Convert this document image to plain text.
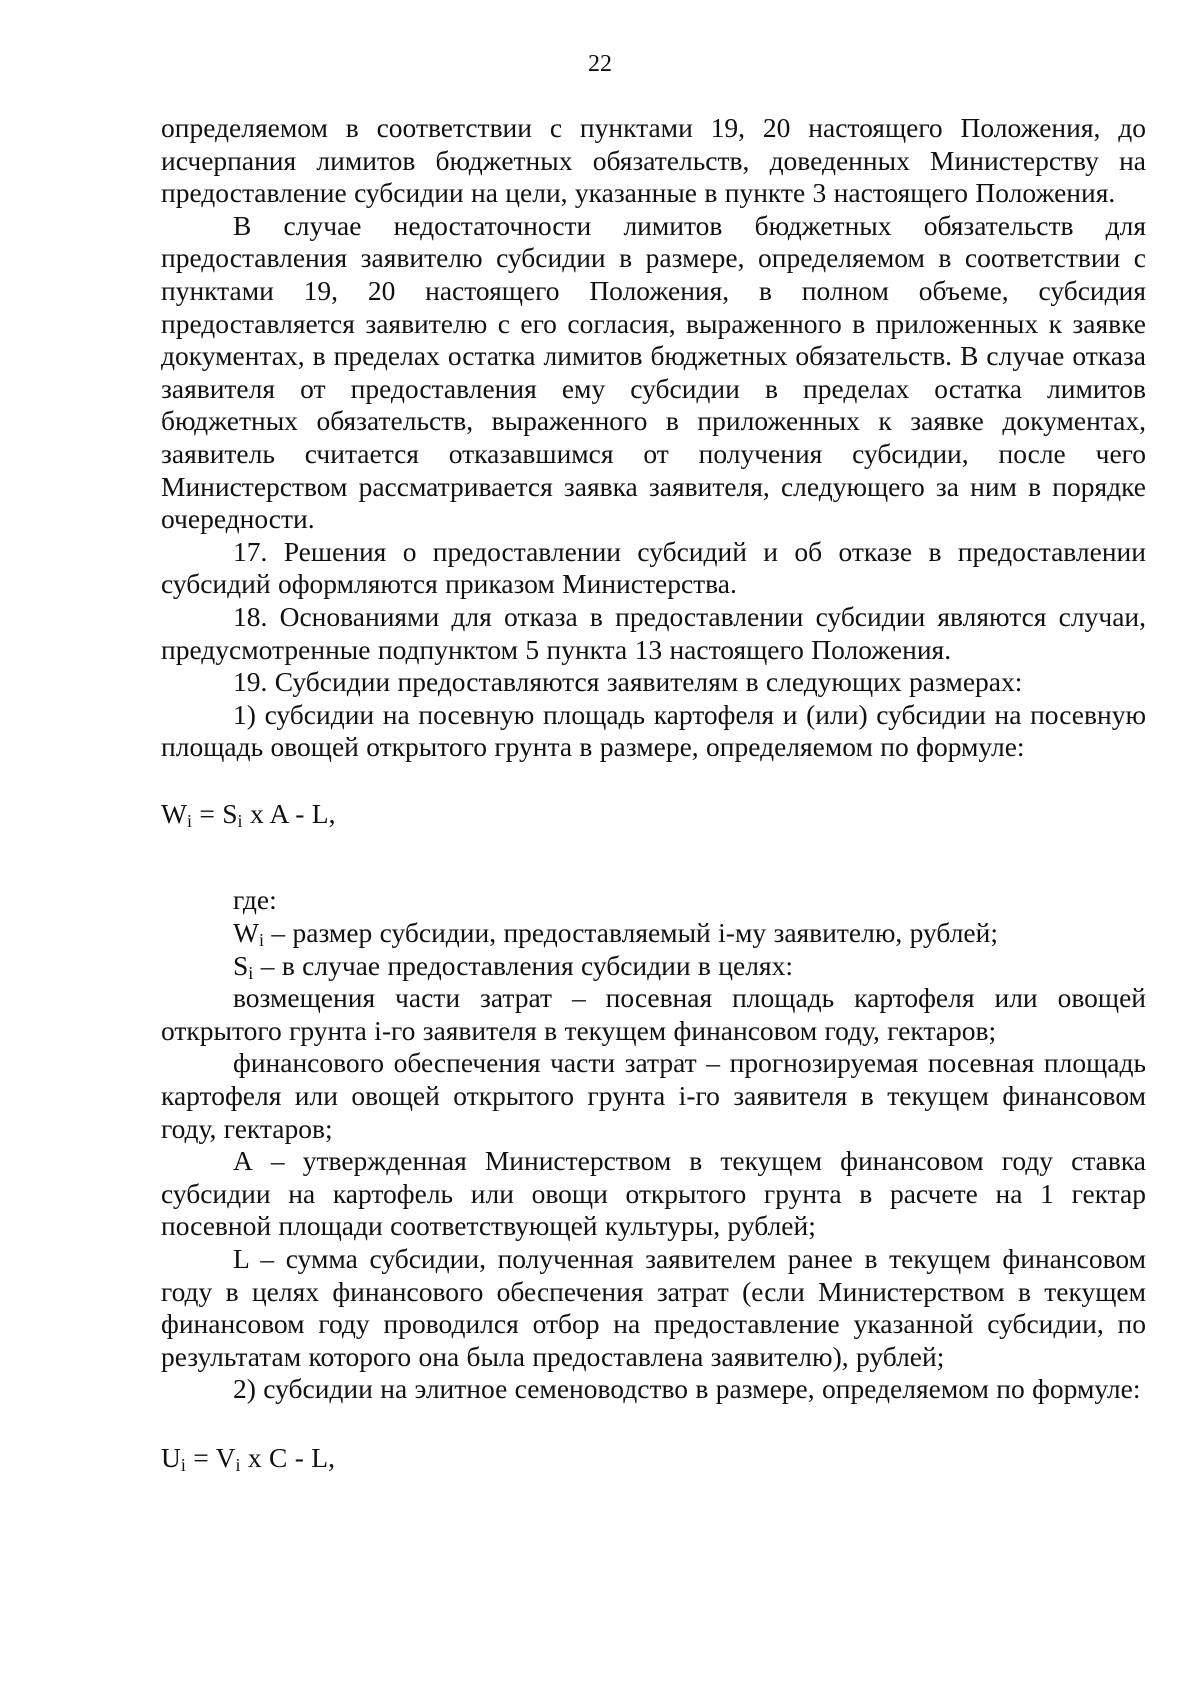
22

определяемом в соответствии с пунктами 19, 20 настоящего Положения, до исчерпания лимитов бюджетных обязательств, доведенных Министерству на предоставление субсидии на цели, указанные в пункте 3 настоящего Положения.

В случае недостаточности лимитов бюджетных обязательств для предоставления заявителю субсидии в размере, определяемом в соответствии с пунктами 19, 20 настоящего Положения, в полном объеме, субсидия предоставляется заявителю с его согласия, выраженного в приложенных к заявке документах, в пределах остатка лимитов бюджетных обязательств. В случае отказа заявителя от предоставления ему субсидии в пределах остатка лимитов бюджетных обязательств, выраженного в приложенных к заявке документах, заявитель считается отказавшимся от получения субсидии, после чего Министерством рассматривается заявка заявителя, следующего за ним в порядке очередности.

17. Решения о предоставлении субсидий и об отказе в предоставлении субсидий оформляются приказом Министерства.

18. Основаниями для отказа в предоставлении субсидии являются случаи, предусмотренные подпунктом 5 пункта 13 настоящего Положения.

19. Субсидии предоставляются заявителям в следующих размерах:

1) субсидии на посевную площадь картофеля и (или) субсидии на посевную площадь овощей открытого грунта в размере, определяемом по формуле:

$W_i = S_i$ x A - L,

где:

$W_i$ – размер субсидии, предоставляемый i-му заявителю, рублей;

$S_i$ – в случае предоставления субсидии в целях:

возмещения части затрат – посевная площадь картофеля или овощей открытого грунта i-го заявителя в текущем финансовом году, гектаров;

финансового обеспечения части затрат – прогнозируемая посевная площадь картофеля или овощей открытого грунта i-го заявителя в текущем финансовом году, гектаров;

А – утвержденная Министерством в текущем финансовом году ставка субсидии на картофель или овощи открытого грунта в расчете на 1 гектар посевной площади соответствующей культуры, рублей;

L – сумма субсидии, полученная заявителем ранее в текущем финансовом году в целях финансового обеспечения затрат (если Министерством в текущем финансовом году проводился отбор на предоставление указанной субсидии, по результатам которого она была предоставлена заявителю), рублей;

2) субсидии на элитное семеноводство в размере, определяемом по формуле:

$U_i = V_i$ x C - L,
